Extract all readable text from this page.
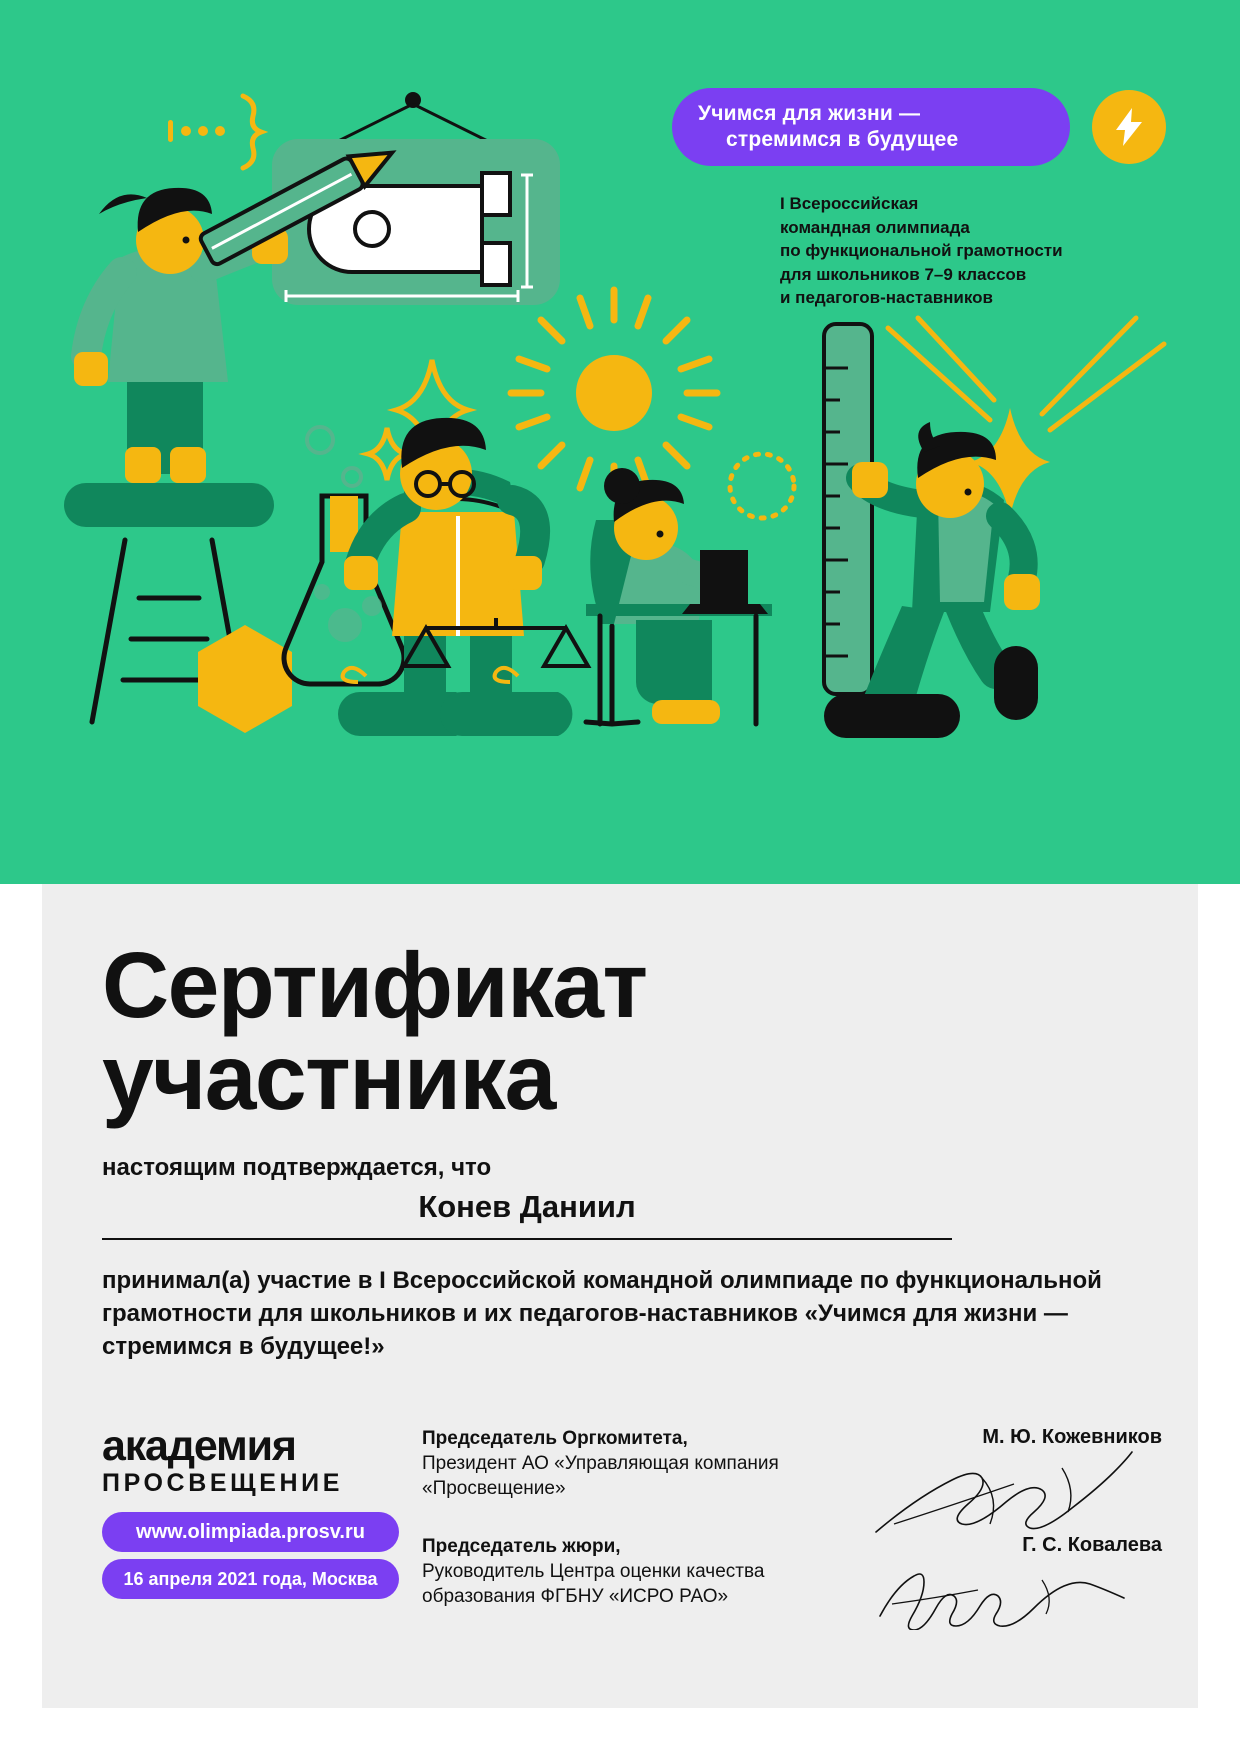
Учимся для жизни —
стремимся в будущее
I Всероссийская
командная олимпиада
по функциональной грамотности
для школьников 7–9 классов
и педагогов-наставников
Сертификат
участника
настоящим подтверждается, что
Конев Даниил
принимал(а) участие в I Всероссийской командной олимпиаде по функциональной грамотности для школьников и их педагогов-наставников «Учимся для жизни — стремимся в будущее!»
академия
ПРОСВЕЩЕНИЕ
www.olimpiada.prosv.ru
16 апреля 2021 года, Москва
Председатель Оргкомитета,
Президент АО «Управляющая компания
«Просвещение»
М. Ю. Кожевников
Председатель жюри,
Руководитель Центра оценки качества
образования ФГБНУ «ИСРО РАО»
Г. С. Ковалева
